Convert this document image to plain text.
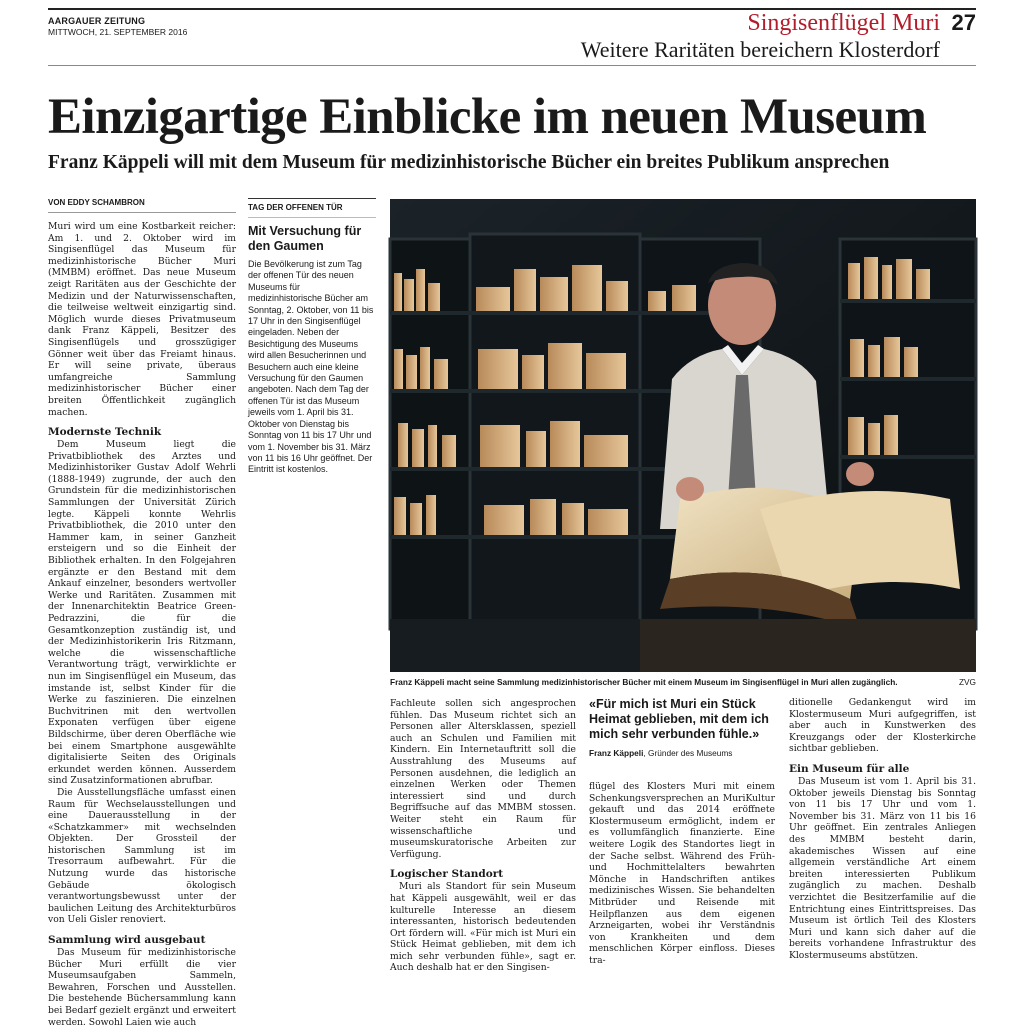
AARGAUER ZEITUNG
MITTWOCH, 21. SEPTEMBER 2016	Singisenflügel Muri 27
Weitere Raritäten bereichern Klosterdorf
Einzigartige Einblicke im neuen Museum
Franz Käppeli will mit dem Museum für medizinhistorische Bücher ein breites Publikum ansprechen
VON EDDY SCHAMBRON

Muri wird um eine Kostbarkeit reicher: Am 1. und 2. Oktober wird im Singisenflügel das Museum für medizinhistorische Bücher Muri (MMBM) eröffnet. Das neue Museum zeigt Raritäten aus der Geschichte der Medizin und der Naturwissenschaften, die teilweise weltweit einzigartig sind. Möglich wurde dieses Privatmuseum dank Franz Käppeli, Besitzer des Singisenflügels und grosszügiger Gönner weit über das Freiamt hinaus. Er will seine private, überaus umfangreiche Sammlung medizinhistorischer Bücher einer breiten Öffentlichkeit zugänglich machen.

Modernste Technik

Dem Museum liegt die Privatbibliothek des Arztes und Medizinhistoriker Gustav Adolf Wehrli (1888-1949) zugrunde, der auch den Grundstein für die medizinhistorischen Sammlungen der Universität Zürich legte. Käppeli konnte Wehrlis Privatbibliothek, die 2010 unter den Hammer kam, in seiner Ganzheit ersteigern und so die Einheit der Bibliothek erhalten. In den Folgejahren ergänzte er den Bestand mit dem Ankauf einzelner, besonders wertvoller Werke und Raritäten. Zusammen mit der Innenarchitektin Beatrice Green-Pedrazzini, die für die Gesamtkonzeption zuständig ist, und der Medizinhistorikerin Iris Ritzmann, welche die wissenschaftliche Verantwortung trägt, verwirklichte er nun im Singisenflügel ein Museum, das imstande ist, selbst Kinder für die Werke zu faszinieren. Die einzelnen Buchvitrinen mit den wertvollen Exponaten verfügen über eigene Bildschirme, über deren Oberfläche wie bei einem Smartphone ausgewählte digitalisierte Seiten des Originals erkundet werden können. Ausserdem sind Zusatzinformationen abrufbar.

Die Ausstellungsfläche umfasst einen Raum für Wechselausstellungen und eine Dauerausstellung in der «Schatzkammer» mit wechselnden Objekten. Der Grossteil der historischen Sammlung ist im Tresorraum aufbewahrt. Für die Nutzung wurde das historische Gebäude ökologisch verantwortungsbewusst unter der baulichen Leitung des Architekturbüros von Ueli Gisler renoviert.

Sammlung wird ausgebaut

Das Museum für medizinhistorische Bücher Muri erfüllt die vier Museumsaufgaben Sammeln, Bewahren, Forschen und Ausstellen. Die bestehende Büchersammlung kann bei Bedarf gezielt ergänzt und erweitert werden. Sowohl Laien wie auch

TAG DER OFFENEN TÜR
Mit Versuchung für den Gaumen
Die Bevölkerung ist zum Tag der offenen Tür des neuen Museums für medizinhistorische Bücher am Sonntag, 2. Oktober, von 11 bis 17 Uhr in den Singisenflügel eingeladen. Neben der Besichtigung des Museums wird allen Besucherinnen und Besuchern auch eine kleine Versuchung für den Gaumen angeboten. Nach dem Tag der offenen Tür ist das Museum jeweils vom 1. April bis 31. Oktober von Dienstag bis Sonntag von 11 bis 17 Uhr und vom 1. November bis 31. März von 11 bis 16 Uhr geöffnet. Der Eintritt ist kostenlos.
Franz Käppeli macht seine Sammlung medizinhistorischer Bücher mit einem Museum im Singisenflügel in Muri allen zugänglich.	ZVG

Fachleute sollen sich angesprochen fühlen. Das Museum richtet sich an Personen aller Altersklassen, speziell auch an Schulen und Familien mit Kindern. Ein Internetauftritt soll die Ausstrahlung des Museums auf Personen ausdehnen, die lediglich an einzelnen Werken oder Themen interessiert sind und durch Begriffsuche auf das MMBM stossen. Weiter steht ein Raum für wissenschaftliche und museumskuratorische Arbeiten zur Verfügung.

Logischer Standort

Muri als Standort für sein Museum hat Käppeli ausgewählt, weil er das kulturelle Interesse an diesem interessanten, historisch bedeutenden Ort fördern will. «Für mich ist Muri ein Stück Heimat geblieben, mit dem ich mich sehr verbunden fühle», sagt er. Auch deshalb hat er den Singisen-

«Für mich ist Muri ein Stück Heimat geblieben, mit dem ich mich sehr verbunden fühle.»
Franz Käppeli, Gründer des Museums

flügel des Klosters Muri mit einem Schenkungsversprechen an MuriKultur gekauft und das 2014 eröffnete Klostermuseum ermöglicht, indem er es vollumfänglich finanzierte. Eine weitere Logik des Standortes liegt in der Sache selbst. Während des Früh- und Hochmittelalters bewahrten Mönche in Handschriften antikes medizinisches Wissen. Sie behandelten Mitbrüder und Reisende mit Heilpflanzen aus dem eigenen Arzneigarten, wobei ihr Verständnis von Krankheiten und dem menschlichen Körper einfloss. Dieses tra-

ditionelle Gedankengut wird im Klostermuseum Muri aufgegriffen, ist aber auch in Kunstwerken des Kreuzgangs oder der Klosterkirche sichtbar geblieben.

Ein Museum für alle

Das Museum ist vom 1. April bis 31. Oktober jeweils Dienstag bis Sonntag von 11 bis 17 Uhr und vom 1. November bis 31. März von 11 bis 16 Uhr geöffnet. Ein zentrales Anliegen des MMBM besteht darin, akademisches Wissen auf eine allgemein verständliche Art einem breiten interessierten Publikum zugänglich zu machen. Deshalb verzichtet die Besitzerfamilie auf die Entrichtung eines Eintrittspreises. Das Museum ist örtlich Teil des Klosters Muri und kann sich daher auf die bereits vorhandene Infrastruktur des Klostermuseums abstützen.
